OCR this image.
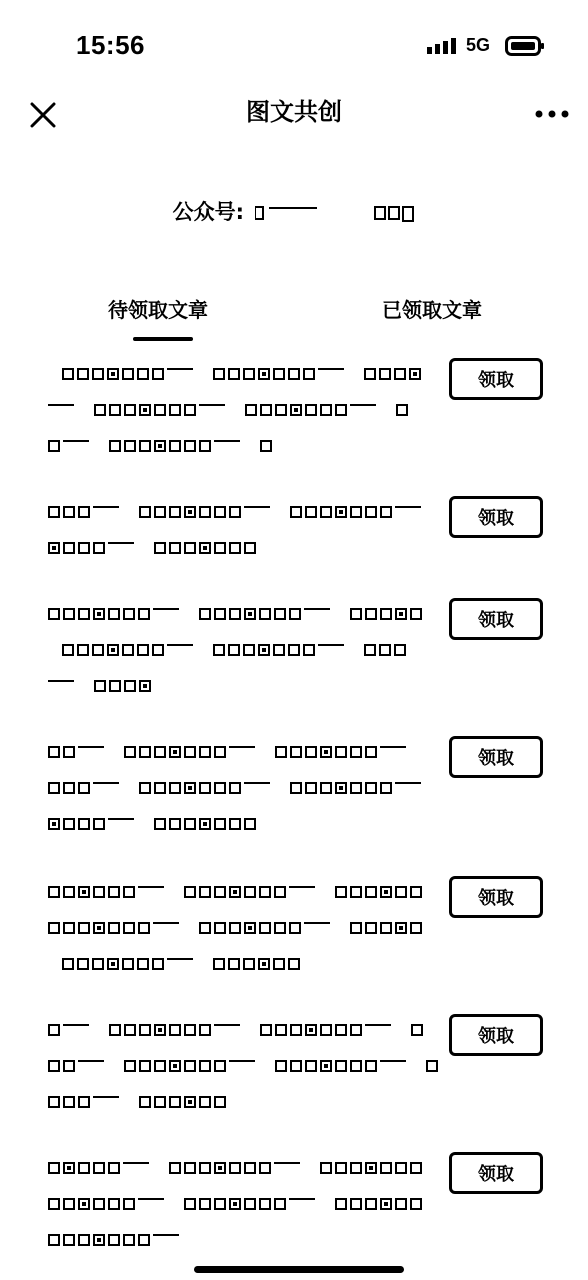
15:56	5G
图文共创
公众号:
待领取文章	已领取文章
领取
领取
领取
领取
领取
领取
领取
